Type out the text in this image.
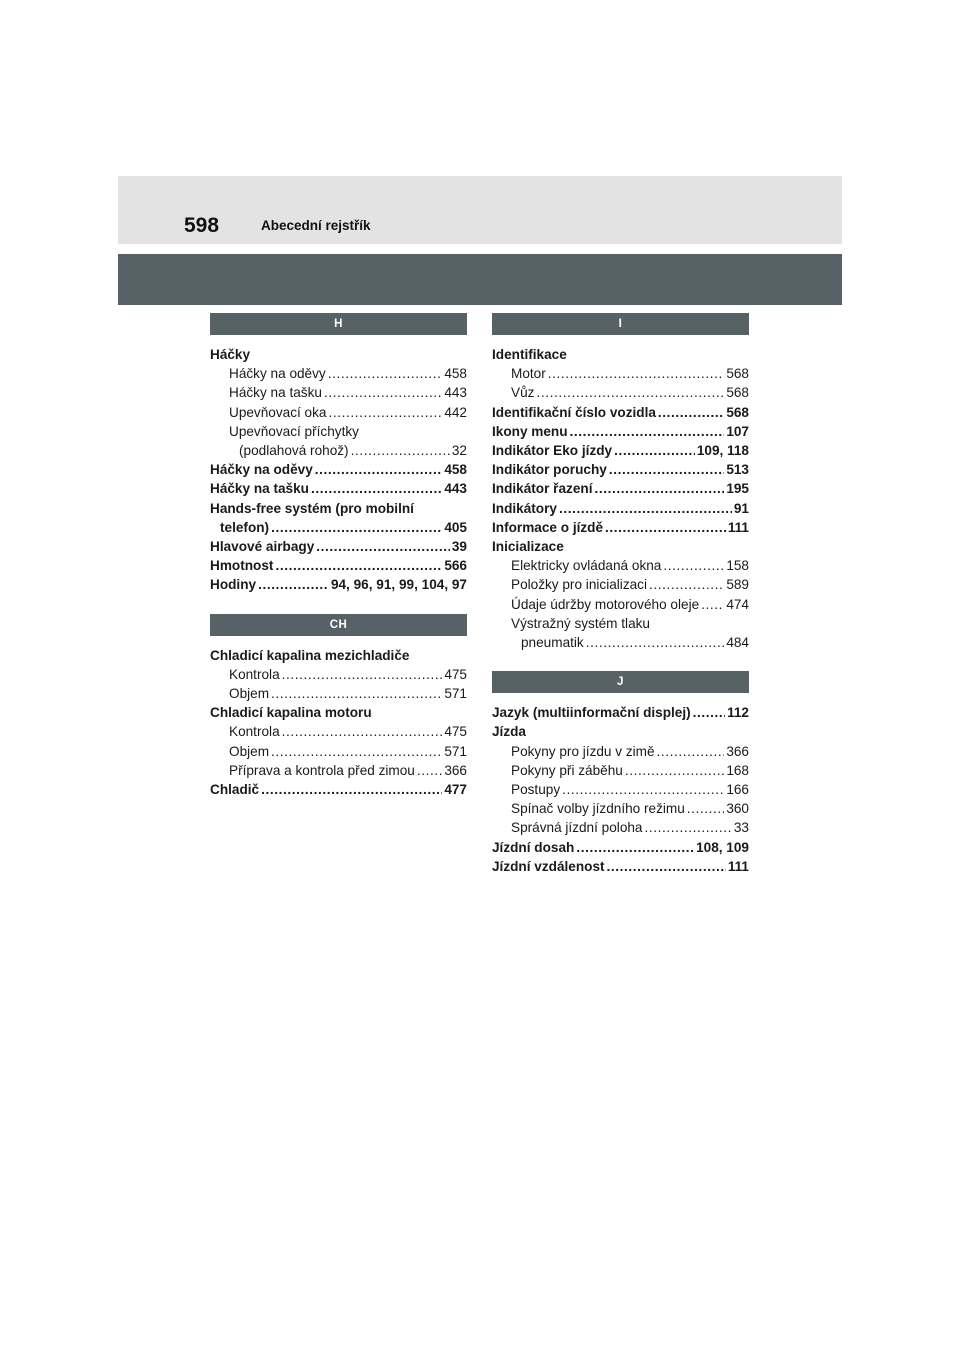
598	Abecední rejstřík
H
Háčky
Háčky na oděvy .....	458
Háčky na tašku .....	443
Upevňovací oka .....	442
Upevňovací příchytky
(podlahová rohož) .....	32
Háčky na oděvy .....	458
Háčky na tašku .....	443
Hands-free systém (pro mobilní
telefon) .....	405
Hlavové airbagy .....	39
Hmotnost .....	566
Hodiny .....	94, 96, 91, 99, 104, 97
CH
Chladicí kapalina mezichladiče
Kontrola .....	475
Objem .....	571
Chladicí kapalina motoru
Kontrola .....	475
Objem .....	571
Příprava a kontrola před zimou ..... 366
Chladič .....	477
I
Identifikace
Motor .....	568
Vůz .....	568
Identifikační číslo vozidla .....	568
Ikony menu .....	107
Indikátor Eko jízdy .....	109, 118
Indikátor poruchy .....	513
Indikátor řazení .....	195
Indikátory .....	91
Informace o jízdě .....	111
Inicializace
Elektricky ovládaná okna .....	158
Položky pro inicializaci .....	589
Údaje údržby motorového oleje ..... 474
Výstražný systém tlaku
pneumatik .....	484
J
Jazyk (multiinformační displej) .....	112
Jízda
Pokyny pro jízdu v zimě .....	366
Pokyny při záběhu .....	168
Postupy .....	166
Spínač volby jízdního režimu .....	360
Správná jízdní poloha .....	33
Jízdní dosah .....	108, 109
Jízdní vzdálenost .....	111
